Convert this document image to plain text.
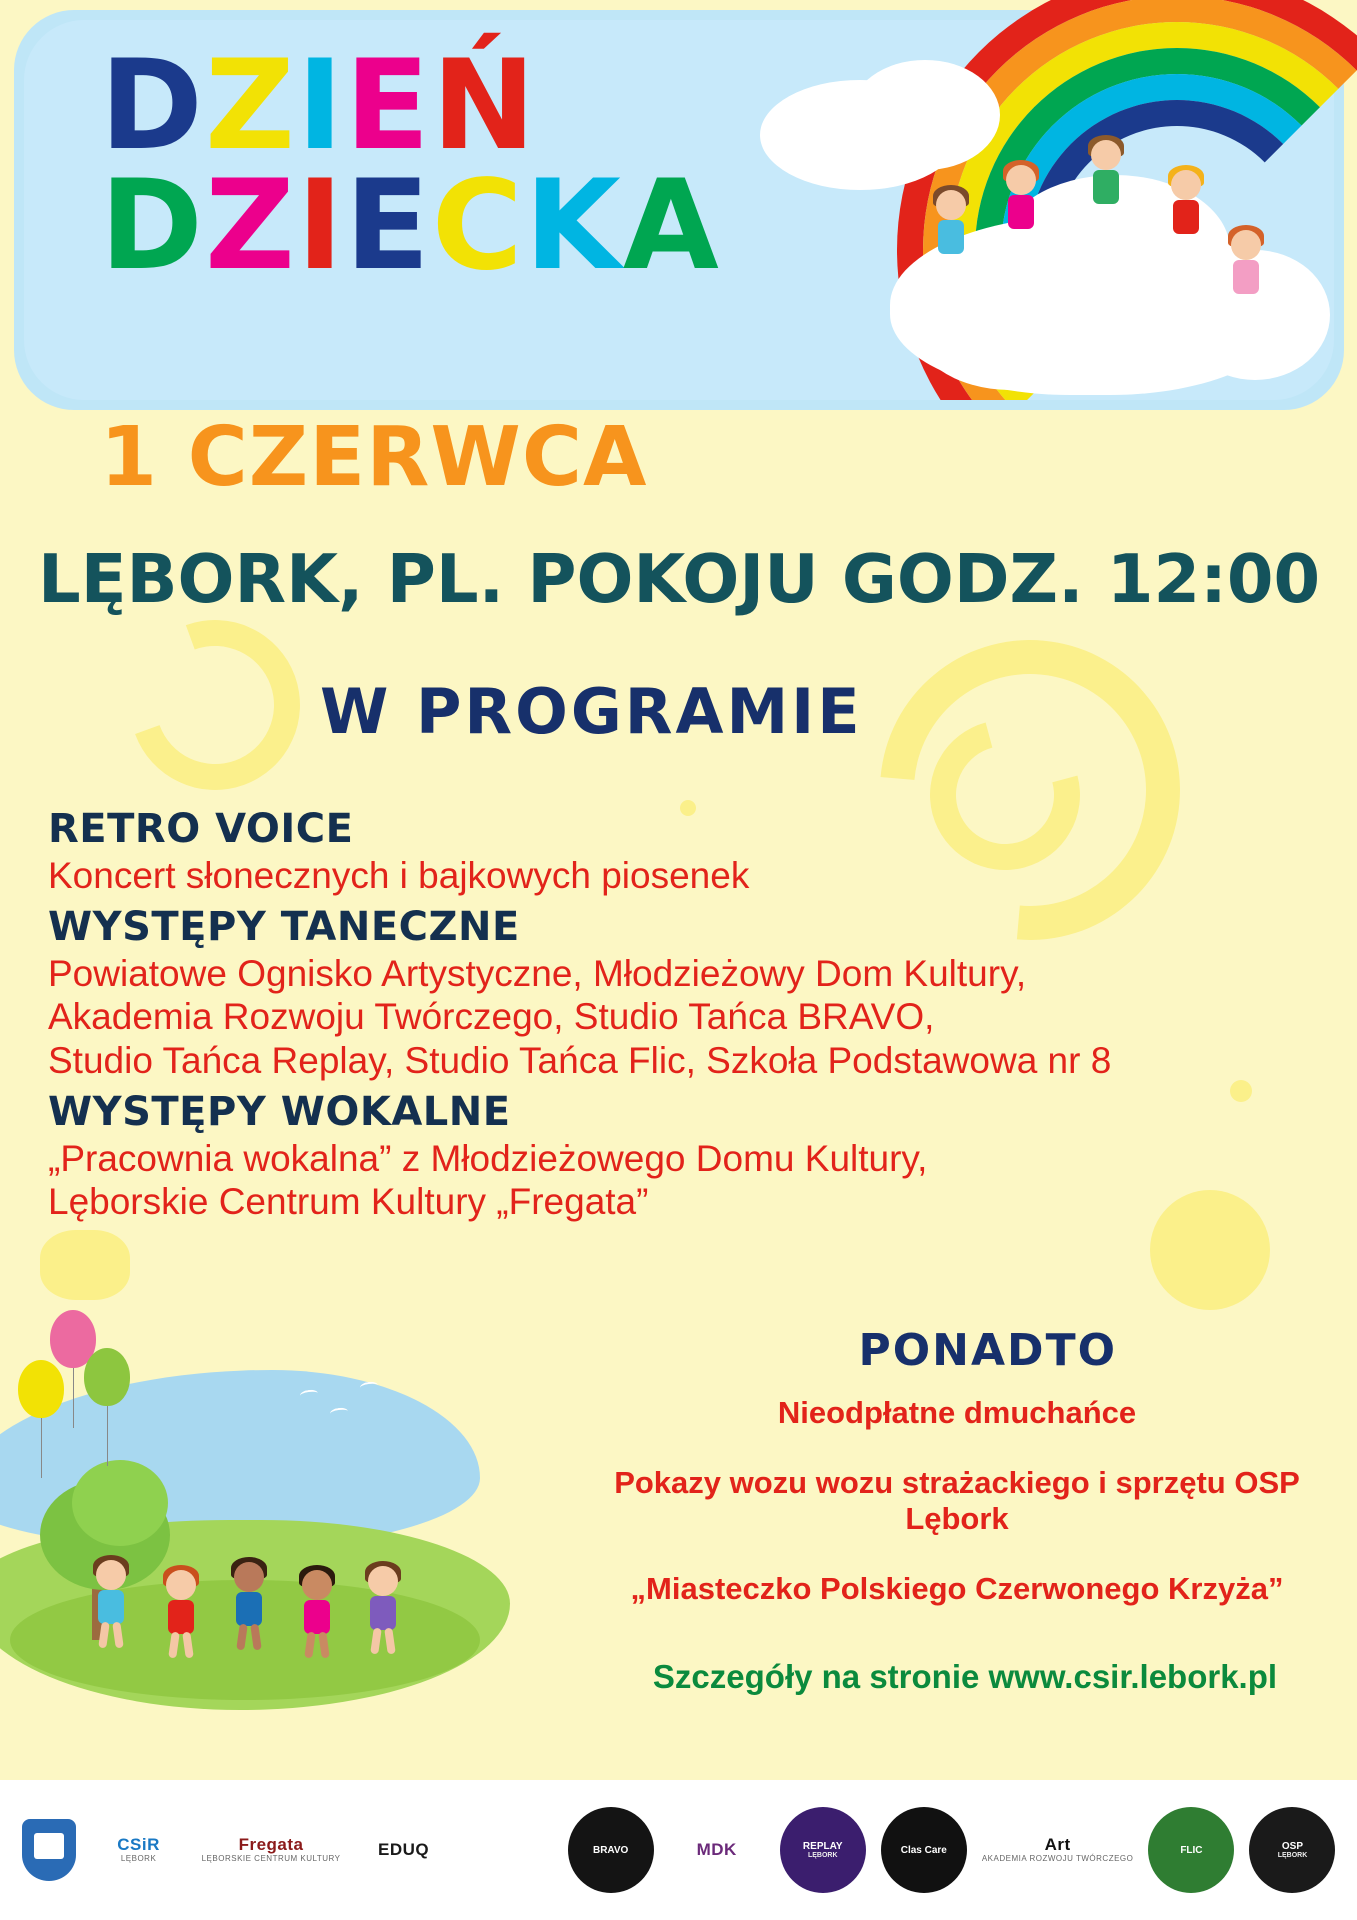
DZIEŃ
DZIECKA
1 CZERWCA
LĘBORK, PL. POKOJU GODZ. 12:00
W PROGRAMIE
RETRO VOICE
Koncert słonecznych i bajkowych piosenek
WYSTĘPY TANECZNE
Powiatowe Ognisko Artystyczne, Młodzieżowy Dom Kultury,
Akademia Rozwoju Twórczego, Studio Tańca BRAVO,
Studio Tańca Replay, Studio Tańca Flic, Szkoła Podstawowa nr 8
WYSTĘPY WOKALNE
„Pracownia wokalna” z Młodzieżowego Domu Kultury,
Lęborskie Centrum Kultury „Fregata”
PONADTO
Nieodpłatne dmuchańce
Pokazy wozu wozu strażackiego i sprzętu OSP Lębork
„Miasteczko Polskiego Czerwonego Krzyża”
Szczegóły na stronie www.csir.lebork.pl
CSiR
LĘBORK
Fregata
LĘBORSKIE CENTRUM KULTURY EDUQ	70	BRAVO	MDK	REPLAY
LĘBORK	Clas Care	Art
AKADEMIA ROZWOJU TWÓRCZEGO
FLIC	OSP
LĘBORK
